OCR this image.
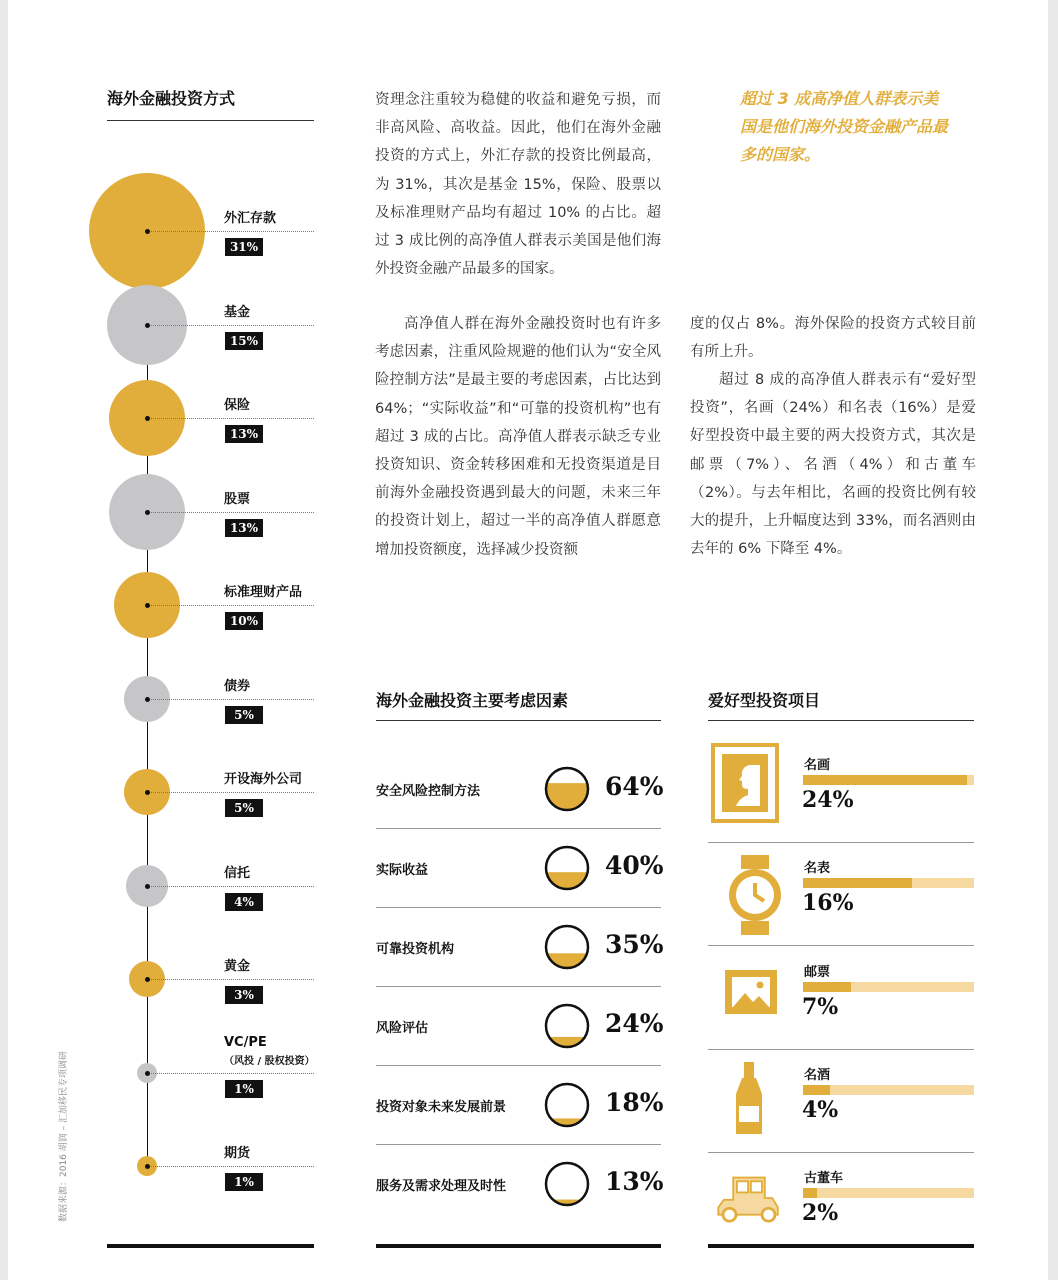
海外金融投资方式
外汇存款
31%
基金
15%
保险
13%
股票
13%
标准理财产品
10%
债券
5%
开设海外公司
5%
信托
4%
黄金
3%
VC/PE
（风投 / 股权投资）
1%
期货
1%
数据来源：2016 胡润 – 汇加移民专项调研

资理念注重较为稳健的收益和避免亏损，而非高风险、高收益。因此，他们在海外金融投资的方式上，外汇存款的投资比例最高，为 31%，其次是基金 15%，保险、股票以及标准理财产品均有超过 10% 的占比。超过 3 成比例的高净值人群表示美国是他们海外投资金融产品最多的国家。

高净值人群在海外金融投资时也有许多考虑因素，注重风险规避的他们认为“安全风险控制方法”是最主要的考虑因素，占比达到 64%；“实际收益”和“可靠的投资机构”也有超过 3 成的占比。高净值人群表示缺乏专业投资知识、资金转移困难和无投资渠道是目前海外金融投资遇到最大的问题，未来三年的投资计划上，超过一半的高净值人群愿意增加投资额度，选择减少投资额

超过 3 成高净值人群表示美国是他们海外投资金融产品最多的国家。

度的仅占 8%。海外保险的投资方式较目前有所上升。

超过 8 成的高净值人群表示有“爱好型投资”，名画（24%）和名表（16%）是爱好型投资中最主要的两大投资方式，其次是邮票（7%）、名酒（4%）和古董车（2%）。与去年相比，名画的投资比例有较大的提升，上升幅度达到 33%，而名酒则由去年的 6% 下降至 4%。

海外金融投资主要考虑因素
安全风险控制方法	64%
实际收益	40%
可靠投资机构	35%
风险评估	24%
投资对象未来发展前景	18%
服务及需求处理及时性	13%
爱好型投资项目
名画
24%
名表
16%
邮票
7%
名酒
4%
古董车
2%
